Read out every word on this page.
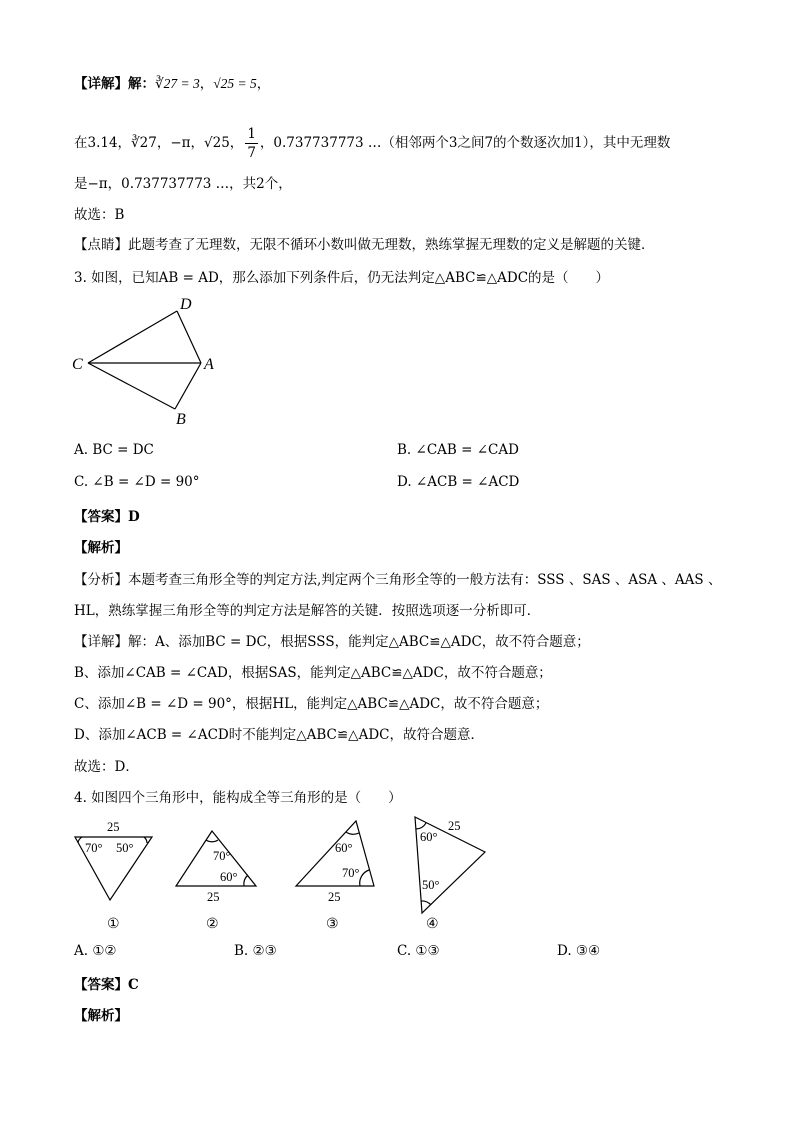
【详解】解：∛27 = 3，√25 = 5，
在3.14，∛27，−π，√25， $\frac{1}{7}$ ，0.737737773 …（相邻两个3之间7的个数逐次加1），其中无理数
是−π，0.737737773 …，共2个，
故选：B
【点睛】此题考查了无理数，无限不循环小数叫做无理数，熟练掌握无理数的定义是解题的关键．
3. 如图，已知AB = AD，那么添加下列条件后，仍无法判定△ABC≌△ADC的是（　　）
D
C	A
B
A. BC = DC	B. ∠CAB = ∠CAD
C. ∠B = ∠D = 90°	D. ∠ACB = ∠ACD
【答案】D
【解析】
【分析】本题考查三角形全等的判定方法,判定两个三角形全等的一般方法有：SSS 、SAS 、ASA 、AAS 、
HL，熟练掌握三角形全等的判定方法是解答的关键．按照选项逐一分析即可．
【详解】解：A、添加BC = DC，根据SSS，能判定△ABC≌△ADC，故不符合题意；
B、添加∠CAB = ∠CAD，根据SAS，能判定△ABC≌△ADC，故不符合题意；
C、添加∠B = ∠D = 90°，根据HL，能判定△ABC≌△ADC，故不符合题意；
D、添加∠ACB = ∠ACD时不能判定△ABC≌△ADC，故符合题意．
故选：D．
4. 如图四个三角形中，能构成全等三角形的是（　　）
25
70° 50°
①
70°
60°
25
②
60°
70°
25
③
60°
25
50°
④
A. ①②	B. ②③	C. ①③	D. ③④
【答案】C
【解析】
